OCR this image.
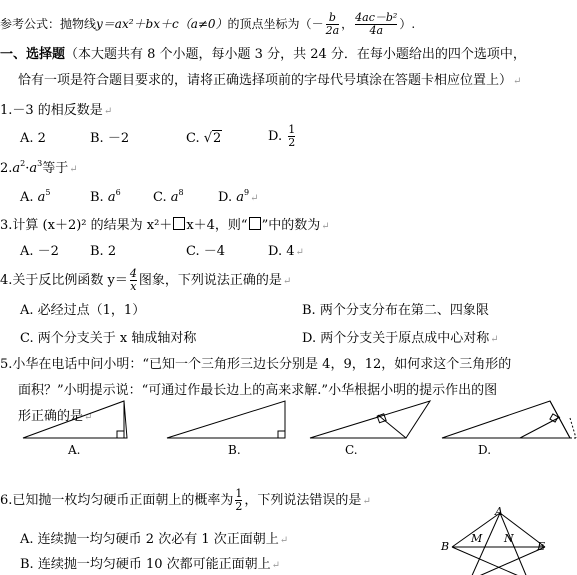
参考公式：抛物线y＝ax²＋bx＋c（a≠0）的顶点坐标为（－ $\frac{b}{2a}$ ， $\frac{\text{4ac－b²}}{4a}$ ）.
一、选择题（本大题共有 8 个小题，每小题 3 分，共 24 分．在每小题给出的四个选项中，
恰有一项是符合题目要求的，请将正确选择项前的字母代号填涂在答题卡相应位置上）↵
1.－3 的相反数是↵
A. 2	B. －2	C. √2	D. $\frac{1}{2}$
$2.a^2\cdot a^3$等于↵
A. $a^5$	B. $a^6$ C. $a^8$	D. $a^9↵$
3.计算 (x＋2)² 的结果为 x²＋ x＋4，则“ ”中的数为↵
A. －2 B. 2	C. －4	D. 4↵
4.关于反比例函数 $y= \frac{4}{x}$ 图象，下列说法正确的是↵
A. 必经过点（1，1）	B. 两个分支分布在第二、四象限
C. 两个分支关于 x 轴成轴对称	D. 两个分支关于原点成中心对称↵
5.小华在电话中问小明：“已知一个三角形三边长分别是 4，9，12，如何求这个三角形的
面积？”小明提示说：“可通过作最长边上的高来求解.”小华根据小明的提示作出的图
形正确的是↵
A.	B.	C.	D.
6.已知抛一枚均匀硬币正面朝上的概率为 $\frac{1}{2}$ ，下列说法错误的是↵
A. 连续抛一均匀硬币 2 次必有 1 次正面朝上↵
B. 连续抛一均匀硬币 10 次都可能正面朝上↵
A
B
M N
E
